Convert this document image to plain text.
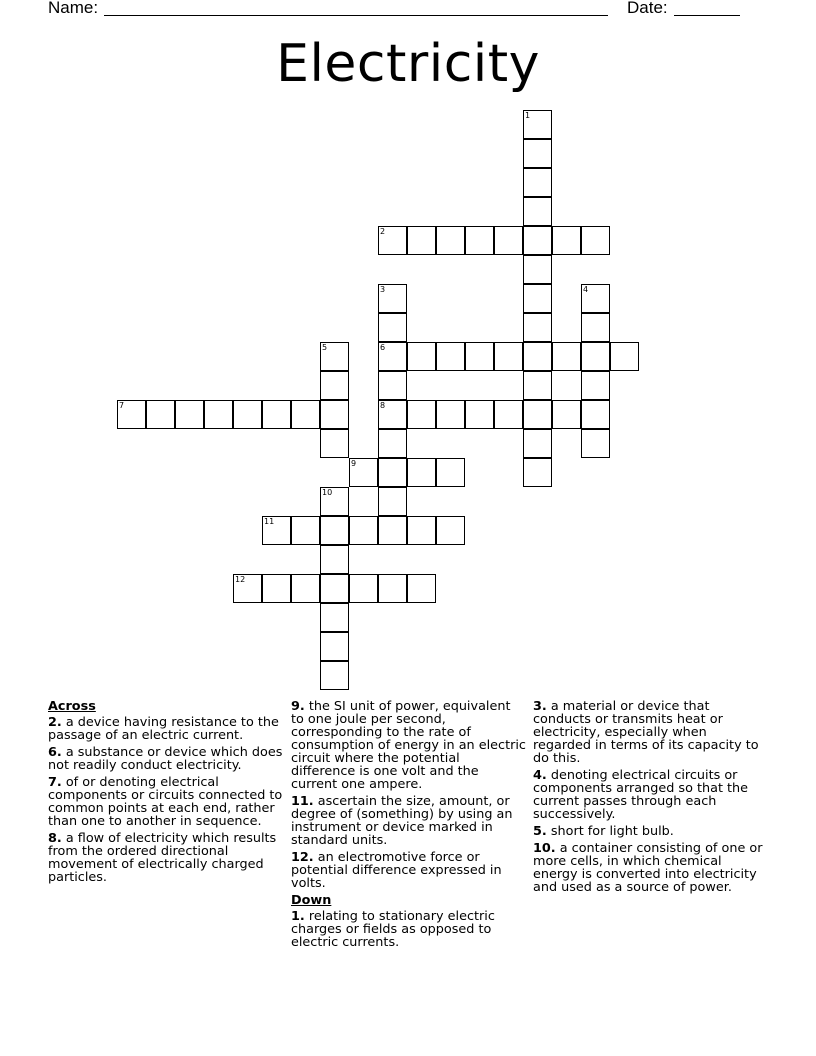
Name:	Date:
Electricity
1
2
3
6
8
4
5
7
9
10
11
12
Across
2. a device having resistance to the passage of an electric current.
6. a substance or device which does not readily conduct electricity.
7. of or denoting electrical components or circuits connected to common points at each end, rather than one to another in sequence.
8. a flow of electricity which results from the ordered directional movement of electrically charged particles.
9. the SI unit of power, equivalent to one joule per second, corresponding to the rate of consumption of energy in an electric circuit where the potential difference is one volt and the current one ampere.
11. ascertain the size, amount, or degree of (something) by using an instrument or device marked in standard units.
12. an electromotive force or potential difference expressed in volts.
Down
1. relating to stationary electric charges or fields as opposed to electric currents.
3. a material or device that conducts or transmits heat or electricity, especially when regarded in terms of its capacity to do this.
4. denoting electrical circuits or components arranged so that the current passes through each successively.
5. short for light bulb.
10. a container consisting of one or more cells, in which chemical energy is converted into electricity and used as a source of power.
